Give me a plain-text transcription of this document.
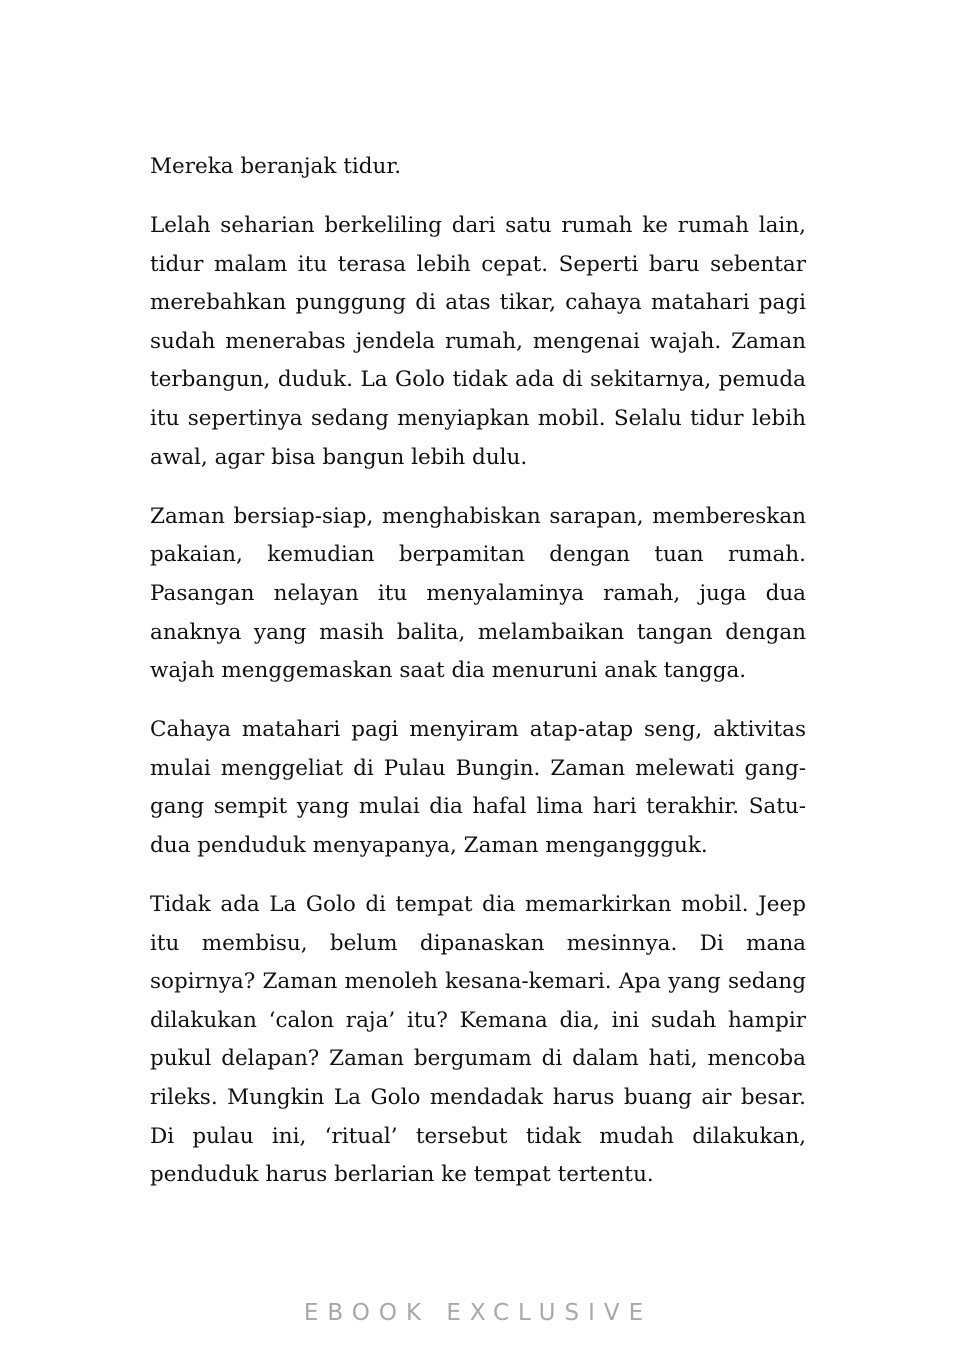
Mereka beranjak tidur.

Lelah seharian berkeliling dari satu rumah ke rumah lain, tidur malam itu terasa lebih cepat. Seperti baru sebentar merebahkan punggung di atas tikar, cahaya matahari pagi sudah menerabas jendela rumah, mengenai wajah. Zaman terbangun, duduk. La Golo tidak ada di sekitarnya, pemuda itu sepertinya sedang menyiapkan mobil. Selalu tidur lebih awal, agar bisa bangun lebih dulu.

Zaman bersiap-siap, menghabiskan sarapan, membereskan pakaian, kemudian berpamitan dengan tuan rumah. Pasangan nelayan itu menyalaminya ramah, juga dua anaknya yang masih balita, melambaikan tangan dengan wajah menggemaskan saat dia menuruni anak tangga.

Cahaya matahari pagi menyiram atap-atap seng, aktivitas mulai menggeliat di Pulau Bungin. Zaman melewati gang-gang sempit yang mulai dia hafal lima hari terakhir. Satu-dua penduduk menyapanya, Zaman menganggguk.

Tidak ada La Golo di tempat dia memarkirkan mobil. Jeep itu membisu, belum dipanaskan mesinnya. Di mana sopirnya? Zaman menoleh kesana-kemari. Apa yang sedang dilakukan ‘calon raja’ itu? Kemana dia, ini sudah hampir pukul delapan? Zaman bergumam di dalam hati, mencoba rileks. Mungkin La Golo mendadak harus buang air besar. Di pulau ini, ‘ritual’ tersebut tidak mudah dilakukan, penduduk harus berlarian ke tempat tertentu.

EBOOK EXCLUSIVE
